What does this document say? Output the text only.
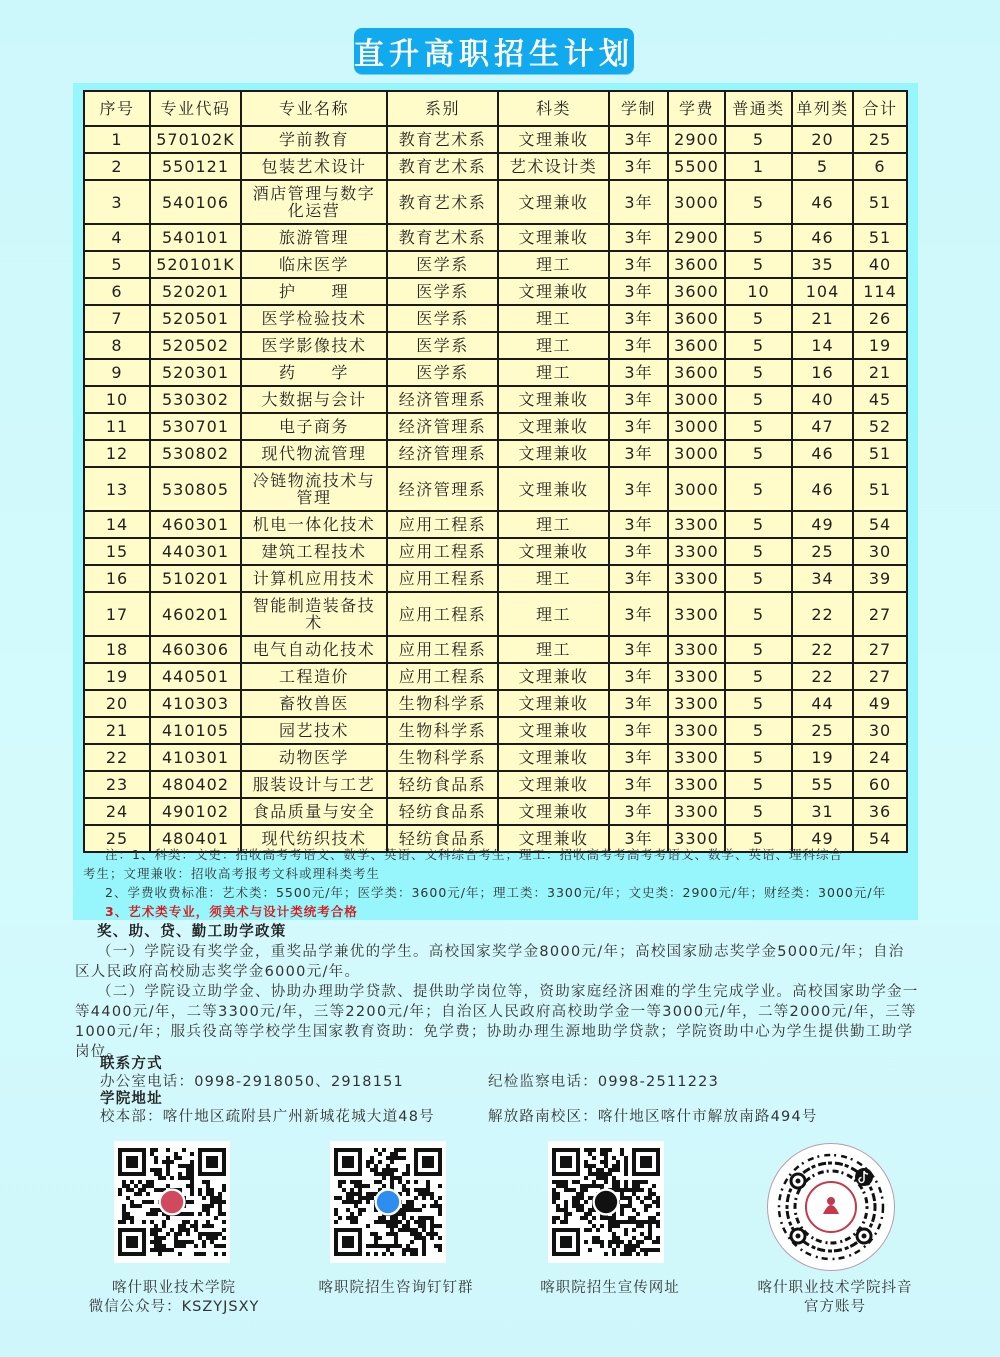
直升高职招生计划
序号	专业代码	专业名称	系别	科类	学制	学费	普通类	单列类	合计
1	570102K	学前教育	教育艺术系	文理兼收	3年	2900	5	20	25
2	550121	包装艺术设计	教育艺术系	艺术设计类	3年	5500	1	5	6
3	540106	酒店管理与数字化运营	教育艺术系	文理兼收	3年	3000	5	46	51
4	540101	旅游管理	教育艺术系	文理兼收	3年	2900	5	46	51
5	520101K	临床医学	医学系	理工	3年	3600	5	35	40
6	520201	护　　理	医学系	文理兼收	3年	3600	10	104	114
7	520501	医学检验技术	医学系	理工	3年	3600	5	21	26
8	520502	医学影像技术	医学系	理工	3年	3600	5	14	19
9	520301	药　　学	医学系	理工	3年	3600	5	16	21
10	530302	大数据与会计	经济管理系	文理兼收	3年	3000	5	40	45
11	530701	电子商务	经济管理系	文理兼收	3年	3000	5	47	52
12	530802	现代物流管理	经济管理系	文理兼收	3年	3000	5	46	51
13	530805	冷链物流技术与管理	经济管理系	文理兼收	3年	3000	5	46	51
14	460301	机电一体化技术	应用工程系	理工	3年	3300	5	49	54
15	440301	建筑工程技术	应用工程系	文理兼收	3年	3300	5	25	30
16	510201	计算机应用技术	应用工程系	理工	3年	3300	5	34	39
17	460201	智能制造装备技术	应用工程系	理工	3年	3300	5	22	27
18	460306	电气自动化技术	应用工程系	理工	3年	3300	5	22	27
19	440501	工程造价	应用工程系	文理兼收	3年	3300	5	22	27
20	410303	畜牧兽医	生物科学系	文理兼收	3年	3300	5	44	49
21	410105	园艺技术	生物科学系	文理兼收	3年	3300	5	25	30
22	410301	动物医学	生物科学系	文理兼收	3年	3300	5	19	24
23	480402	服装设计与工艺	轻纺食品系	文理兼收	3年	3300	5	55	60
24	490102	食品质量与安全	轻纺食品系	文理兼收	3年	3300	5	31	36
25	480401	现代纺织技术	轻纺食品系	文理兼收	3年	3300	5	49	54
注：1、科类：文史：招收高考考语文、数学、英语、文科综合考生；理工：招收高考考高考考语文、数学、英语、理科综合
考生；文理兼收：招收高考报考文科或理科类考生
2、学费收费标准：艺术类：5500元/年；医学类：3600元/年；理工类：3300元/年；文史类：2900元/年；财经类：3000元/年
3、艺术类专业，须美术与设计类统考合格
奖、助、贷、勤工助学政策

（一）学院设有奖学金，重奖品学兼优的学生。高校国家奖学金8000元/年；高校国家励志奖学金5000元/年；自治区人民政府高校励志奖学金6000元/年。

（二）学院设立助学金、协助办理助学贷款、提供助学岗位等，资助家庭经济困难的学生完成学业。高校国家助学金一等4400元/年，二等3300元/年，三等2200元/年；自治区人民政府高校助学金一等3000元/年，二等2000元/年，三等1000元/年；服兵役高等学校学生国家教育资助：免学费；协助办理生源地助学贷款；学院资助中心为学生提供勤工助学岗位。

联系方式
办公室电话：0998-2918050、2918151	纪检监察电话：0998-2511223
学院地址
校本部：喀什地区疏附县广州新城花城大道48号	解放路南校区：喀什地区喀什市解放南路494号
喀什职业技术学院
微信公众号：KSZYJSXY
喀职院招生咨询钉钉群	喀职院招生宣传网址	喀什职业技术学院抖音
官方账号
